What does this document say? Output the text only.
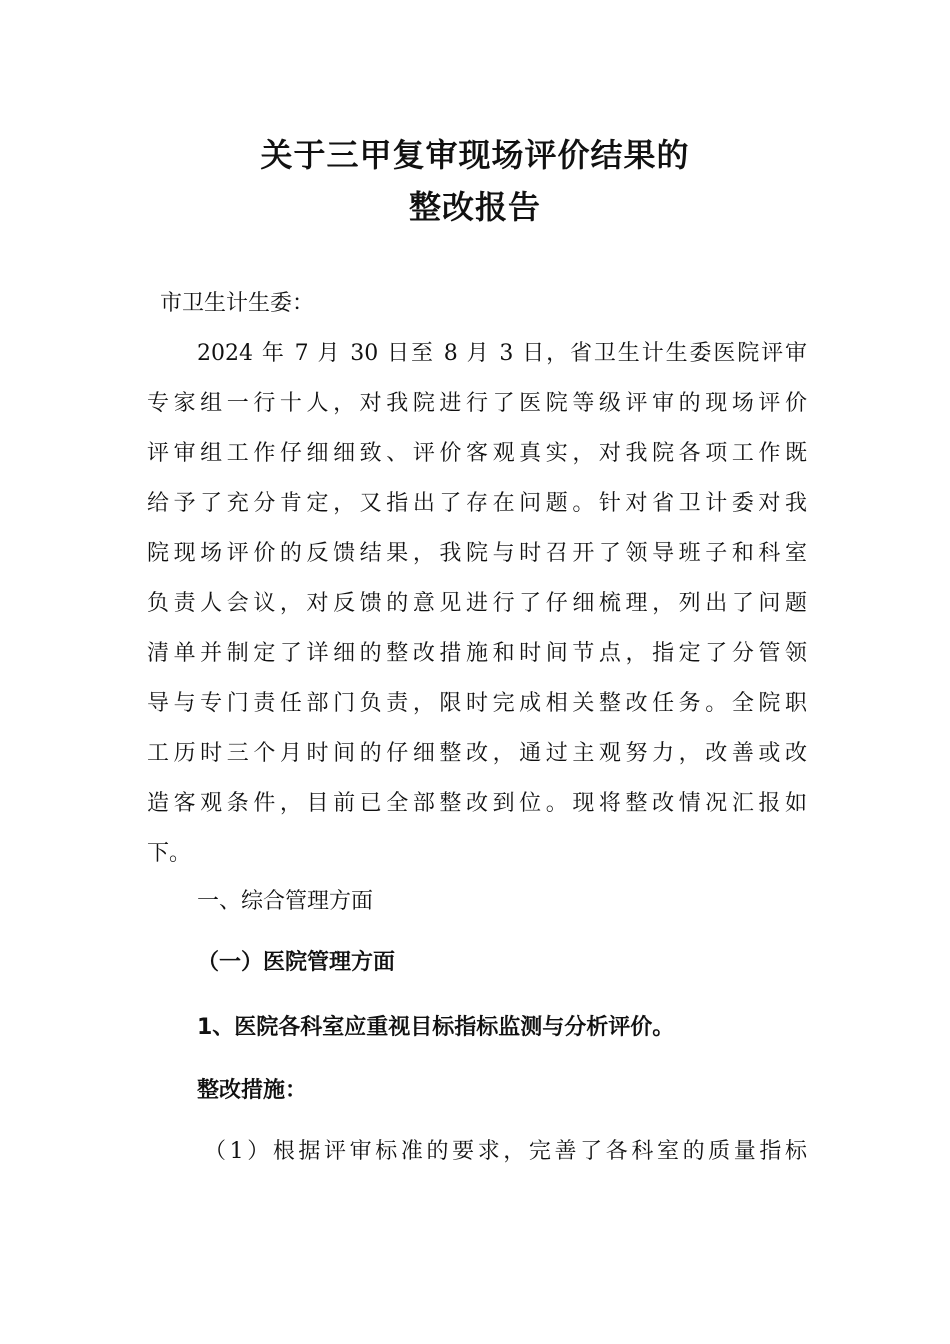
关于三甲复审现场评价结果的
整改报告
市卫生计生委：
2024 年 7 月 30 日至 8 月 3 日，省卫生计生委医院评审
专家组一行十人，对我院进行了医院等级评审的现场评价
评审组工作仔细细致、评价客观真实，对我院各项工作既
给予了充分肯定，又指出了存在问题。针对省卫计委对我
院现场评价的反馈结果，我院与时召开了领导班子和科室
负责人会议，对反馈的意见进行了仔细梳理，列出了问题
清单并制定了详细的整改措施和时间节点，指定了分管领
导与专门责任部门负责，限时完成相关整改任务。全院职
工历时三个月时间的仔细整改，通过主观努力，改善或改
造客观条件，目前已全部整改到位。现将整改情况汇报如
下。
一、综合管理方面
（一）医院管理方面
1、医院各科室应重视目标指标监测与分析评价。
整改措施：
（1）根据评审标准的要求，完善了各科室的质量指标
